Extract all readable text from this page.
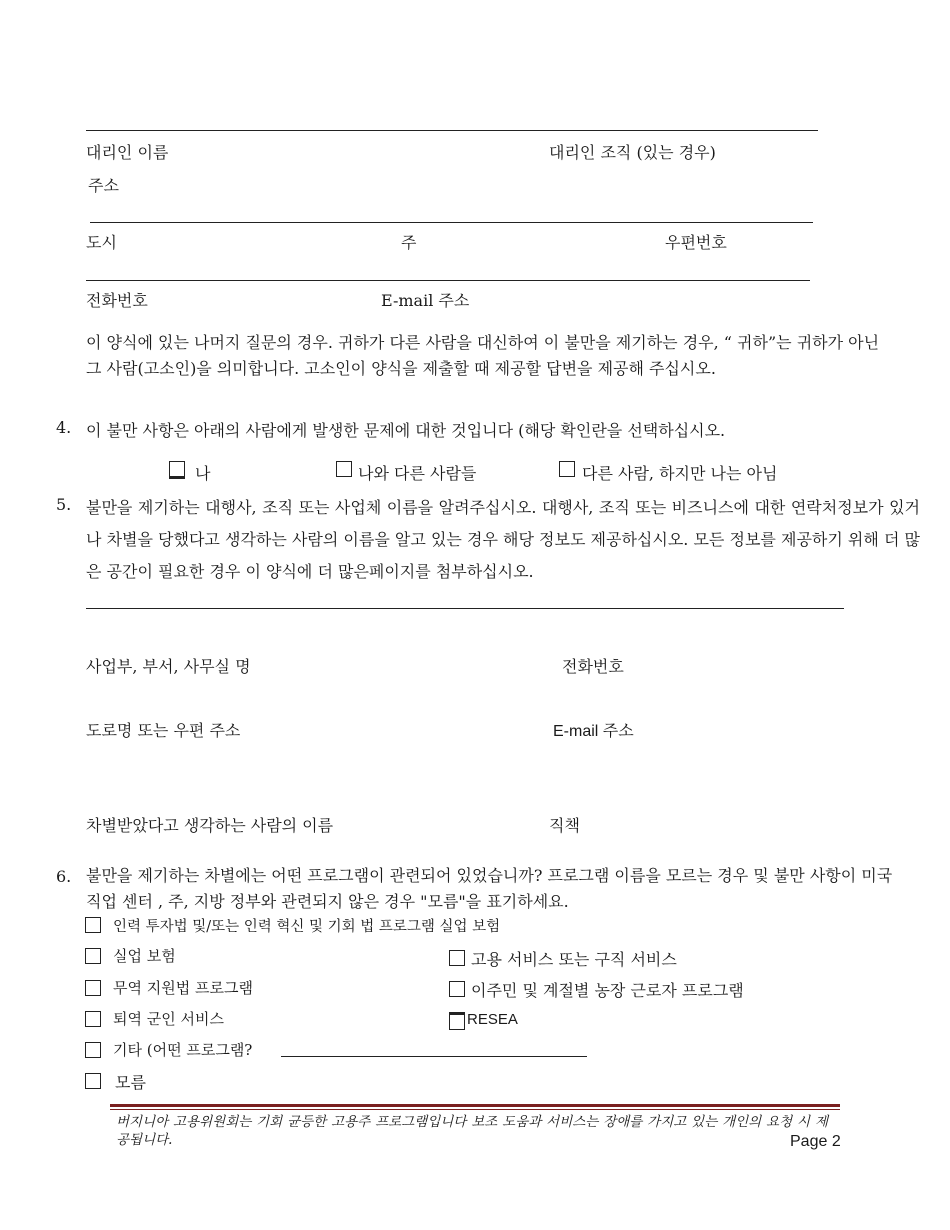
대리인 이름	대리인 조직 (있는 경우)
주소
도시	주	우편번호
전화번호	E-mail 주소
이 양식에 있는 나머지 질문의 경우. 귀하가 다른 사람을 대신하여 이 불만을 제기하는 경우, “ 귀하”는 귀하가 아닌 그 사람(고소인)을 의미합니다. 고소인이 양식을 제출할 때 제공할 답변을 제공해 주십시오.
4. 이 불만 사항은 아래의 사람에게 발생한 문제에 대한 것입니다 (해당 확인란을 선택하십시오.
나	나와 다른 사람들	다른 사람, 하지만 나는 아님
5. 불만을 제기하는 대행사, 조직 또는 사업체 이름을 알려주십시오. 대행사, 조직 또는 비즈니스에 대한 연락처정보가 있거나 차별을 당했다고 생각하는 사람의 이름을 알고 있는 경우 해당 정보도 제공하십시오. 모든 정보를 제공하기 위해 더 많은 공간이 필요한 경우 이 양식에 더 많은페이지를 첨부하십시오.
사업부, 부서, 사무실 명	전화번호
도로명 또는 우편 주소	E-mail 주소
차별받았다고 생각하는 사람의 이름	직책
6. 불만을 제기하는 차별에는 어떤 프로그램이 관련되어 있었습니까? 프로그램 이름을 모르는 경우 및 불만 사항이 미국 직업 센터 , 주, 지방 정부와 관련되지 않은 경우 "모름"을 표기하세요.
인력 투자법 및/또는 인력 혁신 및 기회 법 프로그램 실업 보험
실업 보험	고용 서비스 또는 구직 서비스
무역 지원법 프로그램	이주민 및 계절별 농장 근로자 프로그램
퇴역 군인 서비스	RESEA
기타 (어떤 프로그램?
모름
버지니아 고용위원회는 기회 균등한 고용주 프로그램입니다 보조 도움과 서비스는 장애를 가지고 있는 개인의 요청 시 제공됩니다.	Page 2
